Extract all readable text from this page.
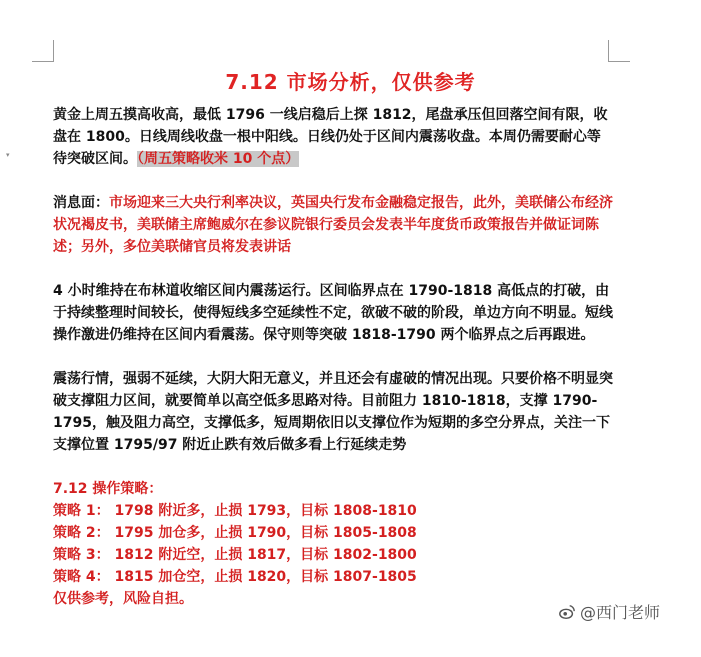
▾
7.12 市场分析，仅供参考

黄金上周五摸高收高，最低 1796 一线启稳后上探 1812，尾盘承压但回落空间有限，收盘在 1800。日线周线收盘一根中阳线。日线仍处于区间内震荡收盘。本周仍需要耐心等待突破区间。（周五策略收米 10 个点）

消息面：市场迎来三大央行利率决议，英国央行发布金融稳定报告，此外，美联储公布经济状况褐皮书，美联储主席鲍威尔在参议院银行委员会发表半年度货币政策报告并做证词陈述；另外，多位美联储官员将发表讲话

4 小时维持在布林道收缩区间内震荡运行。区间临界点在 1790-1818 高低点的打破，由于持续整理时间较长，使得短线多空延续性不定，欲破不破的阶段，单边方向不明显。短线操作激进仍维持在区间内看震荡。保守则等突破 1818-1790 两个临界点之后再跟进。

震荡行情，强弱不延续，大阴大阳无意义，并且还会有虚破的情况出现。只要价格不明显突破支撑阻力区间，就要简单以高空低多思路对待。目前阻力 1810-1818，支撑 1790-1795，触及阻力高空，支撑低多，短周期依旧以支撑位作为短期的多空分界点，关注一下支撑位置 1795/97 附近止跌有效后做多看上行延续走势

7.12 操作策略：
策略 1： 1798 附近多，止损 1793，目标 1808-1810
策略 2： 1795 加仓多，止损 1790，目标 1805-1808
策略 3： 1812 附近空，止损 1817，目标 1802-1800
策略 4： 1815 加仓空，止损 1820，目标 1807-1805
仅供参考，风险自担。
@西门老师
